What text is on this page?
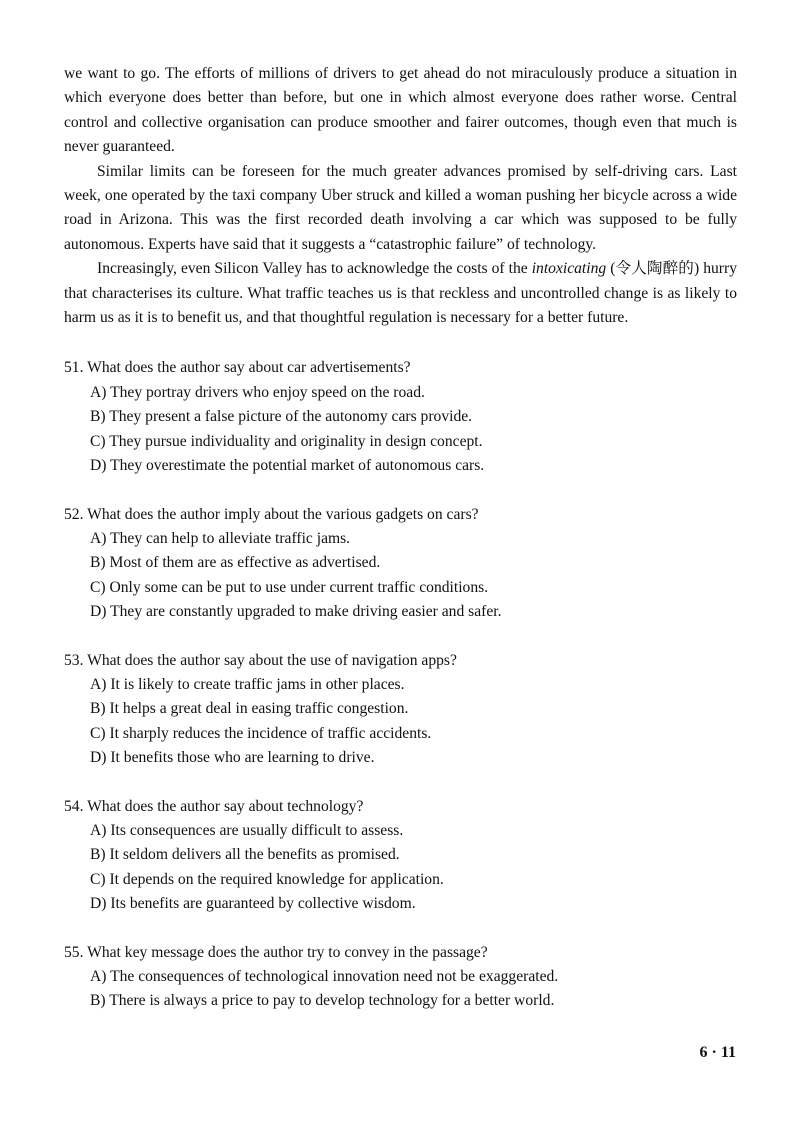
we want to go. The efforts of millions of drivers to get ahead do not miraculously produce a situation in which everyone does better than before, but one in which almost everyone does rather worse. Central control and collective organisation can produce smoother and fairer outcomes, though even that much is never guaranteed.

Similar limits can be foreseen for the much greater advances promised by self-driving cars. Last week, one operated by the taxi company Uber struck and killed a woman pushing her bicycle across a wide road in Arizona. This was the first recorded death involving a car which was supposed to be fully autonomous. Experts have said that it suggests a “catastrophic failure” of technology.

Increasingly, even Silicon Valley has to acknowledge the costs of the intoxicating (令人陶醉的) hurry that characterises its culture. What traffic teaches us is that reckless and uncontrolled change is as likely to harm us as it is to benefit us, and that thoughtful regulation is necessary for a better future.

51. What does the author say about car advertisements?

A) They portray drivers who enjoy speed on the road.

B) They present a false picture of the autonomy cars provide.

C) They pursue individuality and originality in design concept.

D) They overestimate the potential market of autonomous cars.

52. What does the author imply about the various gadgets on cars?

A) They can help to alleviate traffic jams.

B) Most of them are as effective as advertised.

C) Only some can be put to use under current traffic conditions.

D) They are constantly upgraded to make driving easier and safer.

53. What does the author say about the use of navigation apps?

A) It is likely to create traffic jams in other places.

B) It helps a great deal in easing traffic congestion.

C) It sharply reduces the incidence of traffic accidents.

D) It benefits those who are learning to drive.

54. What does the author say about technology?

A) Its consequences are usually difficult to assess.

B) It seldom delivers all the benefits as promised.

C) It depends on the required knowledge for application.

D) Its benefits are guaranteed by collective wisdom.

55. What key message does the author try to convey in the passage?

A) The consequences of technological innovation need not be exaggerated.

B) There is always a price to pay to develop technology for a better world.

6 · 11
